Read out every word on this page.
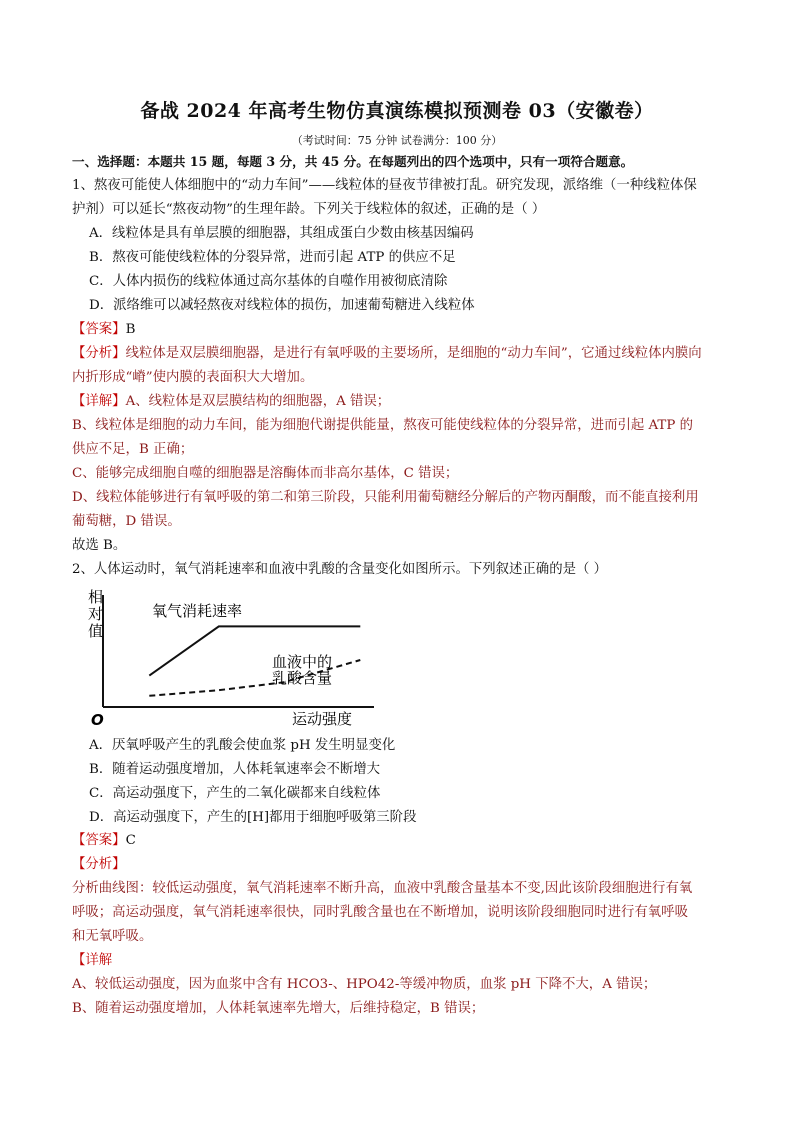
备战 2024 年高考生物仿真演练模拟预测卷 03（安徽卷）
（考试时间：75 分钟 试卷满分：100 分）
一、选择题：本题共 15 题，每题 3 分，共 45 分。在每题列出的四个选项中，只有一项符合题意。
1、熬夜可能使人体细胞中的“动力车间”——线粒体的昼夜节律被打乱。研究发现，派络维（一种线粒体保
护剂）可以延长“熬夜动物”的生理年龄。下列关于线粒体的叙述，正确的是（ ）
A．线粒体是具有单层膜的细胞器，其组成蛋白少数由核基因编码
B．熬夜可能使线粒体的分裂异常，进而引起 ATP 的供应不足
C．人体内损伤的线粒体通过高尔基体的自噬作用被彻底清除
D．派络维可以减轻熬夜对线粒体的损伤，加速葡萄糖进入线粒体
【答案】B
【分析】线粒体是双层膜细胞器，是进行有氧呼吸的主要场所，是细胞的“动力车间”，它通过线粒体内膜向
内折形成“嵴”使内膜的表面积大大增加。
【详解】A、线粒体是双层膜结构的细胞器，A 错误；
B、线粒体是细胞的动力车间，能为细胞代谢提供能量，熬夜可能使线粒体的分裂异常，进而引起 ATP 的
供应不足，B 正确；
C、能够完成细胞自噬的细胞器是溶酶体而非高尔基体，C 错误；
D、线粒体能够进行有氧呼吸的第二和第三阶段，只能利用葡萄糖经分解后的产物丙酮酸，而不能直接利用
葡萄糖，D 错误。
故选 B。
2、人体运动时，氧气消耗速率和血液中乳酸的含量变化如图所示。下列叙述正确的是（ ）
相
对
值
O	运动强度
氧气消耗速率
血液中的
乳酸含量
A．厌氧呼吸产生的乳酸会使血浆 pH 发生明显变化
B．随着运动强度增加，人体耗氧速率会不断增大
C．高运动强度下，产生的二氧化碳都来自线粒体
D．高运动强度下，产生的[H]都用于细胞呼吸第三阶段
【答案】C
【分析】
分析曲线图：较低运动强度，氧气消耗速率不断升高，血液中乳酸含量基本不变,因此该阶段细胞进行有氧
呼吸；高运动强度，氧气消耗速率很快，同时乳酸含量也在不断增加，说明该阶段细胞同时进行有氧呼吸
和无氧呼吸。
【详解
A、较低运动强度，因为血浆中含有 HCO3-、HPO42-等缓冲物质，血浆 pH 下降不大，A 错误；
B、随着运动强度增加，人体耗氧速率先增大，后维持稳定，B 错误；
